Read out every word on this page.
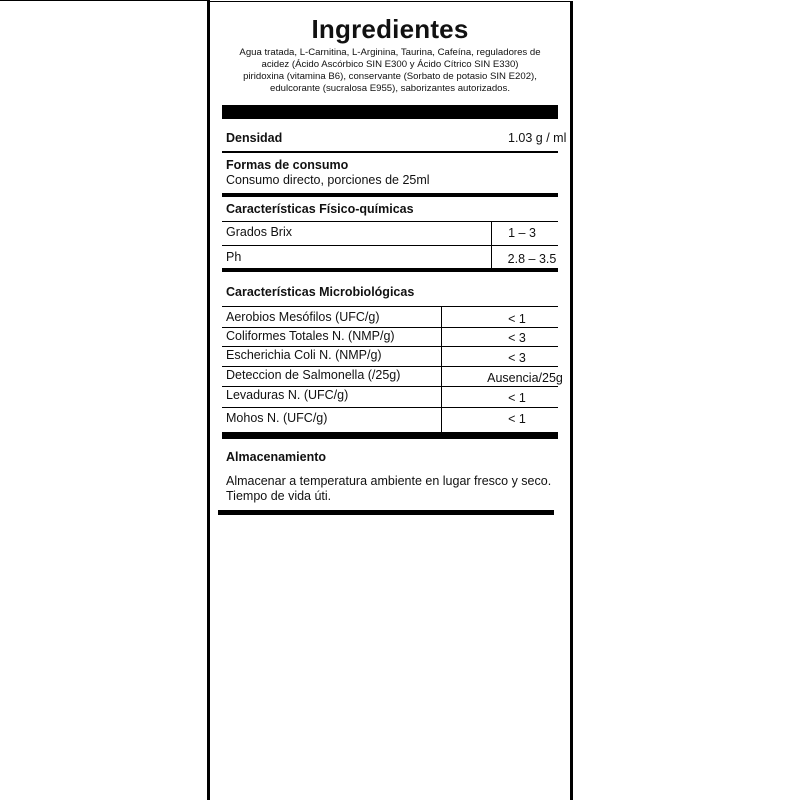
Ingredientes
Agua tratada, L-Carnitina, L-Arginina, Taurina, Cafeína, reguladores de
acidez (Ácido Ascórbico SIN E300 y Ácido Cítrico SIN E330)
piridoxina (vitamina B6), conservante (Sorbato de potasio SIN E202),
edulcorante (sucralosa E955), saborizantes autorizados.
Densidad	1.03 g / ml
Formas de consumo
Consumo directo, porciones de 25ml
Características Físico-químicas
Grados Brix	1 – 3
Ph	2.8 – 3.5
Características Microbiológicas
Aerobios Mesófilos (UFC/g)	< 1
Coliformes Totales N. (NMP/g)	< 3
Escherichia Coli N. (NMP/g)	< 3
Deteccion de Salmonella (/25g)	Ausencia/25g
Levaduras N. (UFC/g)	< 1
Mohos N. (UFC/g)	< 1
Almacenamiento
Almacenar a temperatura ambiente en lugar fresco y seco.
Tiempo de vida úti.
